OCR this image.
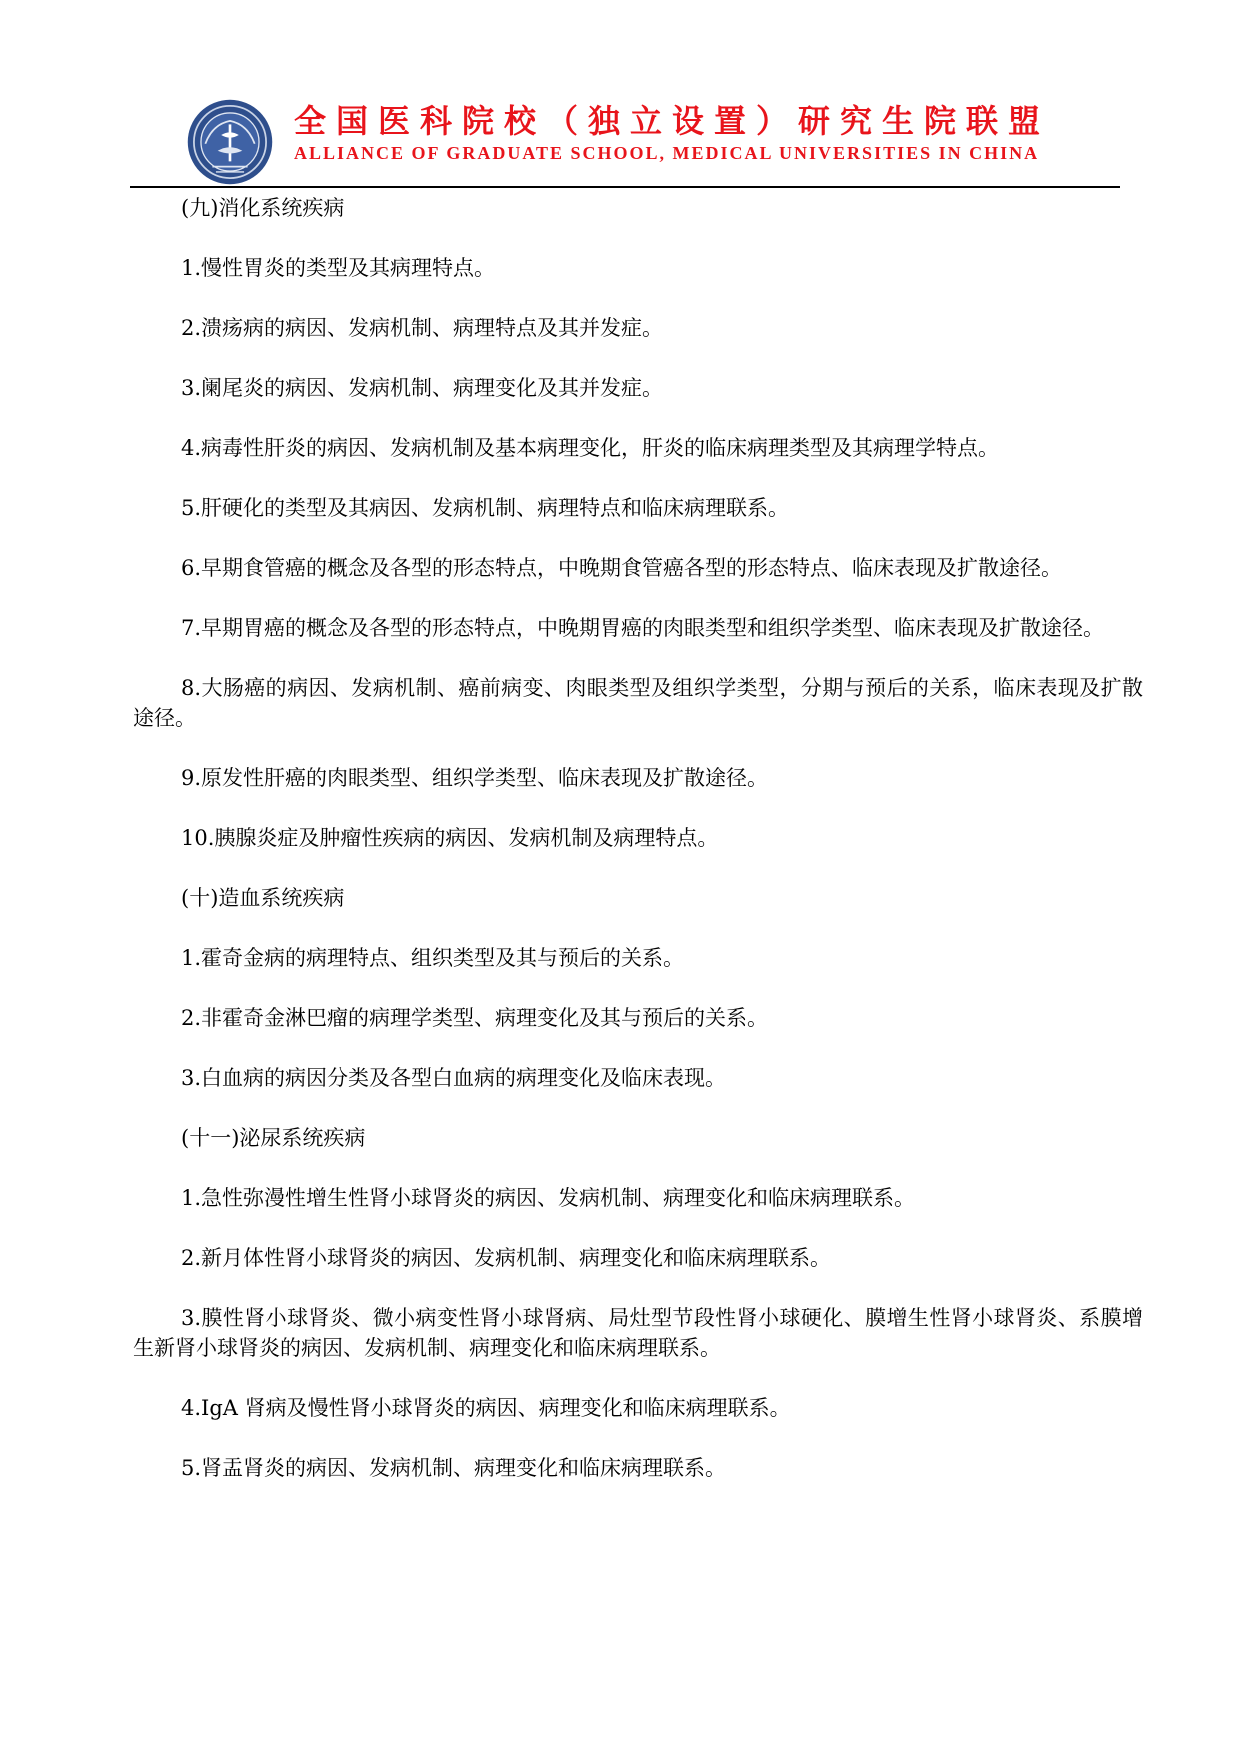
全国医科院校（独立设置）研究生院联盟
ALLIANCE OF GRADUATE SCHOOL, MEDICAL UNIVERSITIES IN CHINA

(九)消化系统疾病

1.慢性胃炎的类型及其病理特点。

2.溃疡病的病因、发病机制、病理特点及其并发症。

3.阑尾炎的病因、发病机制、病理变化及其并发症。

4.病毒性肝炎的病因、发病机制及基本病理变化，肝炎的临床病理类型及其病理学特点。

5.肝硬化的类型及其病因、发病机制、病理特点和临床病理联系。

6.早期食管癌的概念及各型的形态特点，中晚期食管癌各型的形态特点、临床表现及扩散途径。

7.早期胃癌的概念及各型的形态特点，中晚期胃癌的肉眼类型和组织学类型、临床表现及扩散途径。

8.大肠癌的病因、发病机制、癌前病变、肉眼类型及组织学类型，分期与预后的关系，临床表现及扩散途径。

9.原发性肝癌的肉眼类型、组织学类型、临床表现及扩散途径。

10.胰腺炎症及肿瘤性疾病的病因、发病机制及病理特点。

(十)造血系统疾病

1.霍奇金病的病理特点、组织类型及其与预后的关系。

2.非霍奇金淋巴瘤的病理学类型、病理变化及其与预后的关系。

3.白血病的病因分类及各型白血病的病理变化及临床表现。

(十一)泌尿系统疾病

1.急性弥漫性增生性肾小球肾炎的病因、发病机制、病理变化和临床病理联系。

2.新月体性肾小球肾炎的病因、发病机制、病理变化和临床病理联系。

3.膜性肾小球肾炎、微小病变性肾小球肾病、局灶型节段性肾小球硬化、膜增生性肾小球肾炎、系膜增生新肾小球肾炎的病因、发病机制、病理变化和临床病理联系。

4.IgA 肾病及慢性肾小球肾炎的病因、病理变化和临床病理联系。

5.肾盂肾炎的病因、发病机制、病理变化和临床病理联系。
